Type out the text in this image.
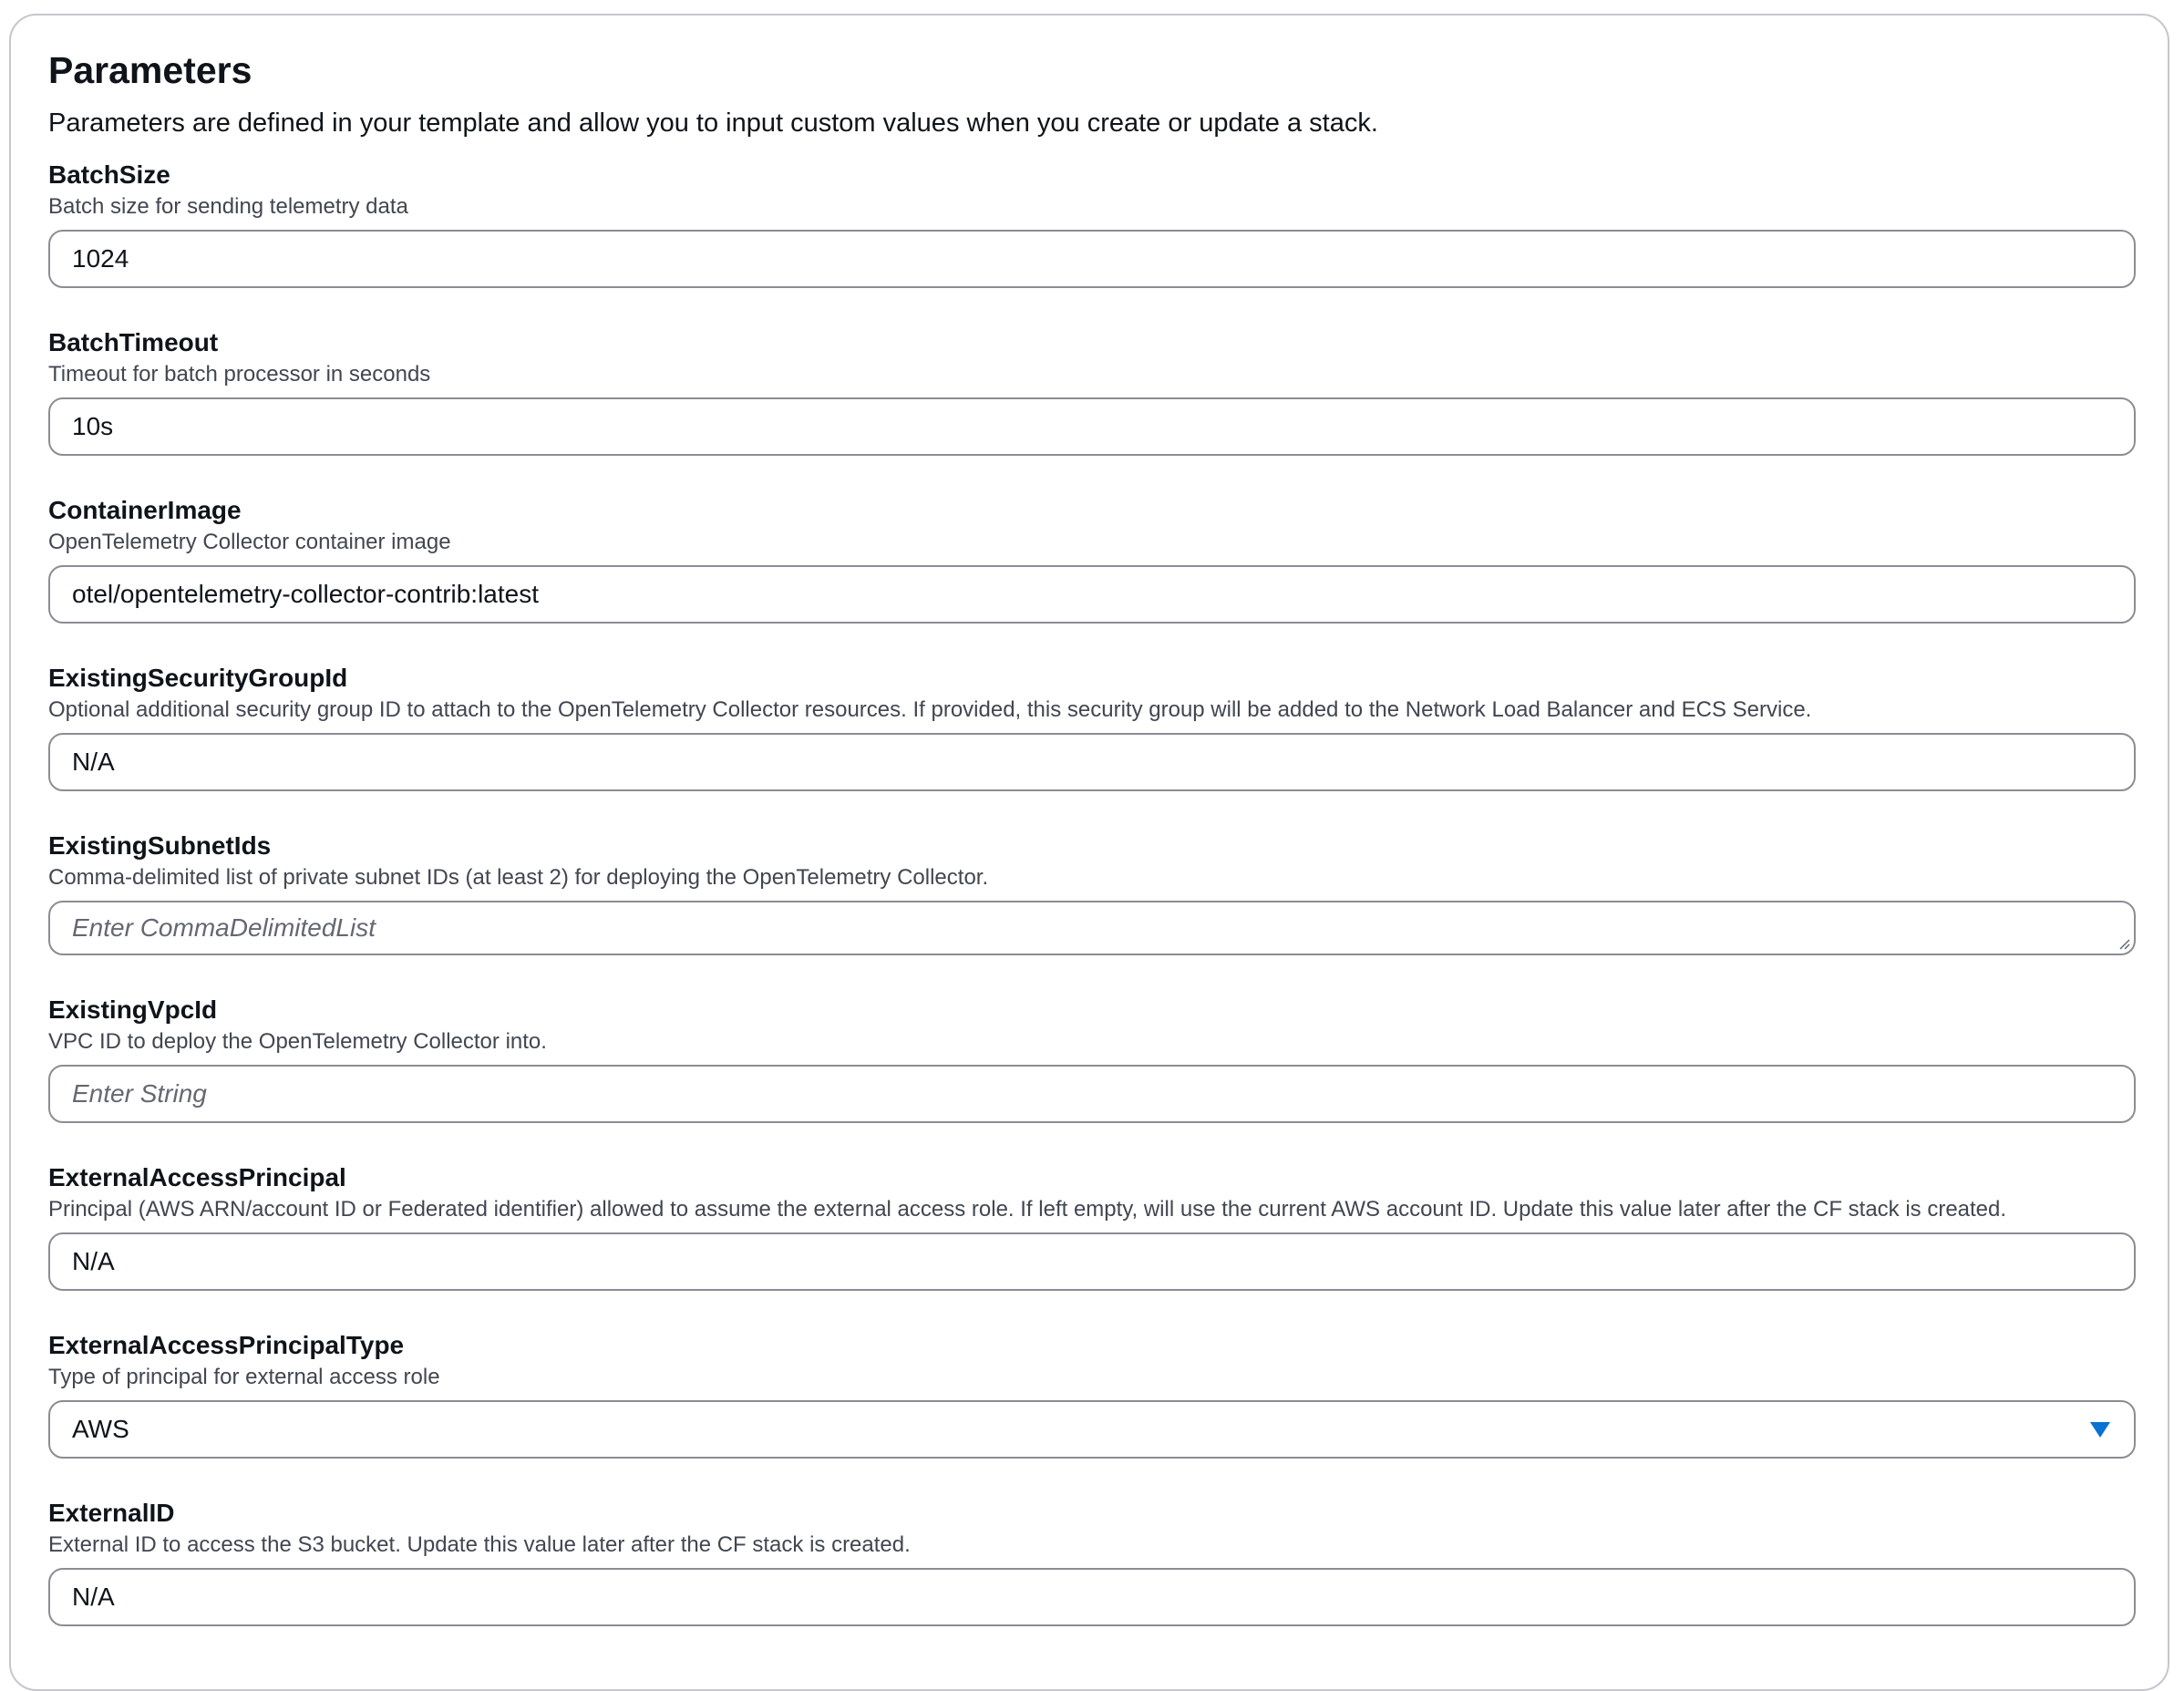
Parameters
Parameters are defined in your template and allow you to input custom values when you create or update a stack.
BatchSize
Batch size for sending telemetry data
1024
BatchTimeout
Timeout for batch processor in seconds
10s
ContainerImage
OpenTelemetry Collector container image
otel/opentelemetry-collector-contrib:latest
ExistingSecurityGroupId
Optional additional security group ID to attach to the OpenTelemetry Collector resources. If provided, this security group will be added to the Network Load Balancer and ECS Service.
N/A
ExistingSubnetIds
Comma-delimited list of private subnet IDs (at least 2) for deploying the OpenTelemetry Collector.
Enter CommaDelimitedList
ExistingVpcId
VPC ID to deploy the OpenTelemetry Collector into.
Enter String
ExternalAccessPrincipal
Principal (AWS ARN/account ID or Federated identifier) allowed to assume the external access role. If left empty, will use the current AWS account ID. Update this value later after the CF stack is created.
N/A
ExternalAccessPrincipalType
Type of principal for external access role
AWS
ExternalID
External ID to access the S3 bucket. Update this value later after the CF stack is created.
N/A
